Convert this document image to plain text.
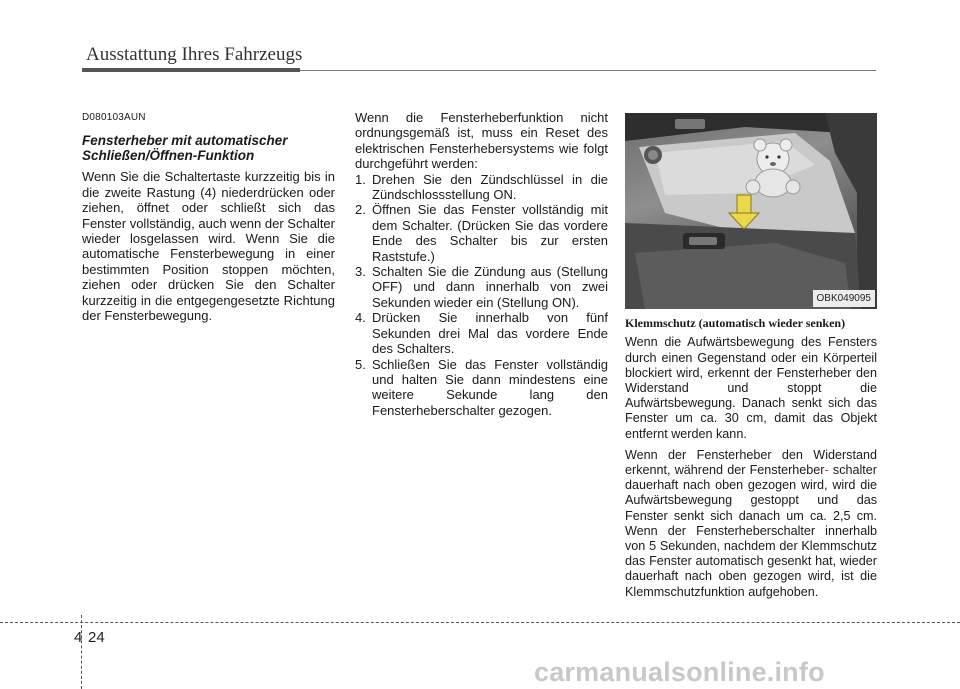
Ausstattung Ihres Fahrzeugs

D080103AUN

Fensterheber mit automatischer Schließen/Öffnen-Funktion

Wenn Sie die Schaltertaste kurzzeitig bis in die zweite Rastung (4) niederdrücken oder ziehen, öffnet oder schließt sich das Fenster vollständig, auch wenn der Schalter wieder losgelassen wird. Wenn Sie die automatische Fensterbewegung in einer bestimmten Position stoppen möchten, ziehen oder drücken Sie den Schalter kurzzeitig in die entgegengesetzte Richtung der Fensterbewegung.

Wenn die Fensterheberfunktion nicht ordnungsgemäß ist, muss ein Reset des elektrischen Fensterhebersystems wie folgt durchgeführt werden:

1. Drehen Sie den Zündschlüssel in die Zündschlossstellung ON.
2. Öffnen Sie das Fenster vollständig mit dem Schalter. (Drücken Sie das vordere Ende des Schalter bis zur ersten Raststufe.)
3. Schalten Sie die Zündung aus (Stellung OFF) und dann innerhalb von zwei Sekunden wieder ein (Stellung ON).
4. Drücken Sie innerhalb von fünf Sekunden drei Mal das vordere Ende des Schalters.
5. Schließen Sie das Fenster vollständig und halten Sie dann mindestens eine weitere Sekunde lang den Fensterheberschalter gezogen.
OBK049095

Klemmschutz (automatisch wieder senken)

Wenn die Aufwärtsbewegung des Fensters durch einen Gegenstand oder ein Körperteil blockiert wird, erkennt der Fensterheber den Widerstand und stoppt die Aufwärtsbewegung. Danach senkt sich das Fenster um ca. 30 cm, damit das Objekt entfernt werden kann.

Wenn der Fensterheber den Widerstand erkennt, während der Fensterheber- schalter dauerhaft nach oben gezogen wird, wird die Aufwärtsbewegung gestoppt und das Fenster senkt sich danach um ca. 2,5 cm. Wenn der Fensterheberschalter innerhalb von 5 Sekunden, nachdem der Klemmschutz das Fenster automatisch gesenkt hat, wieder dauerhaft nach oben gezogen wird, ist die Klemmschutzfunktion aufgehoben.

4 24
carmanualsonline.info
